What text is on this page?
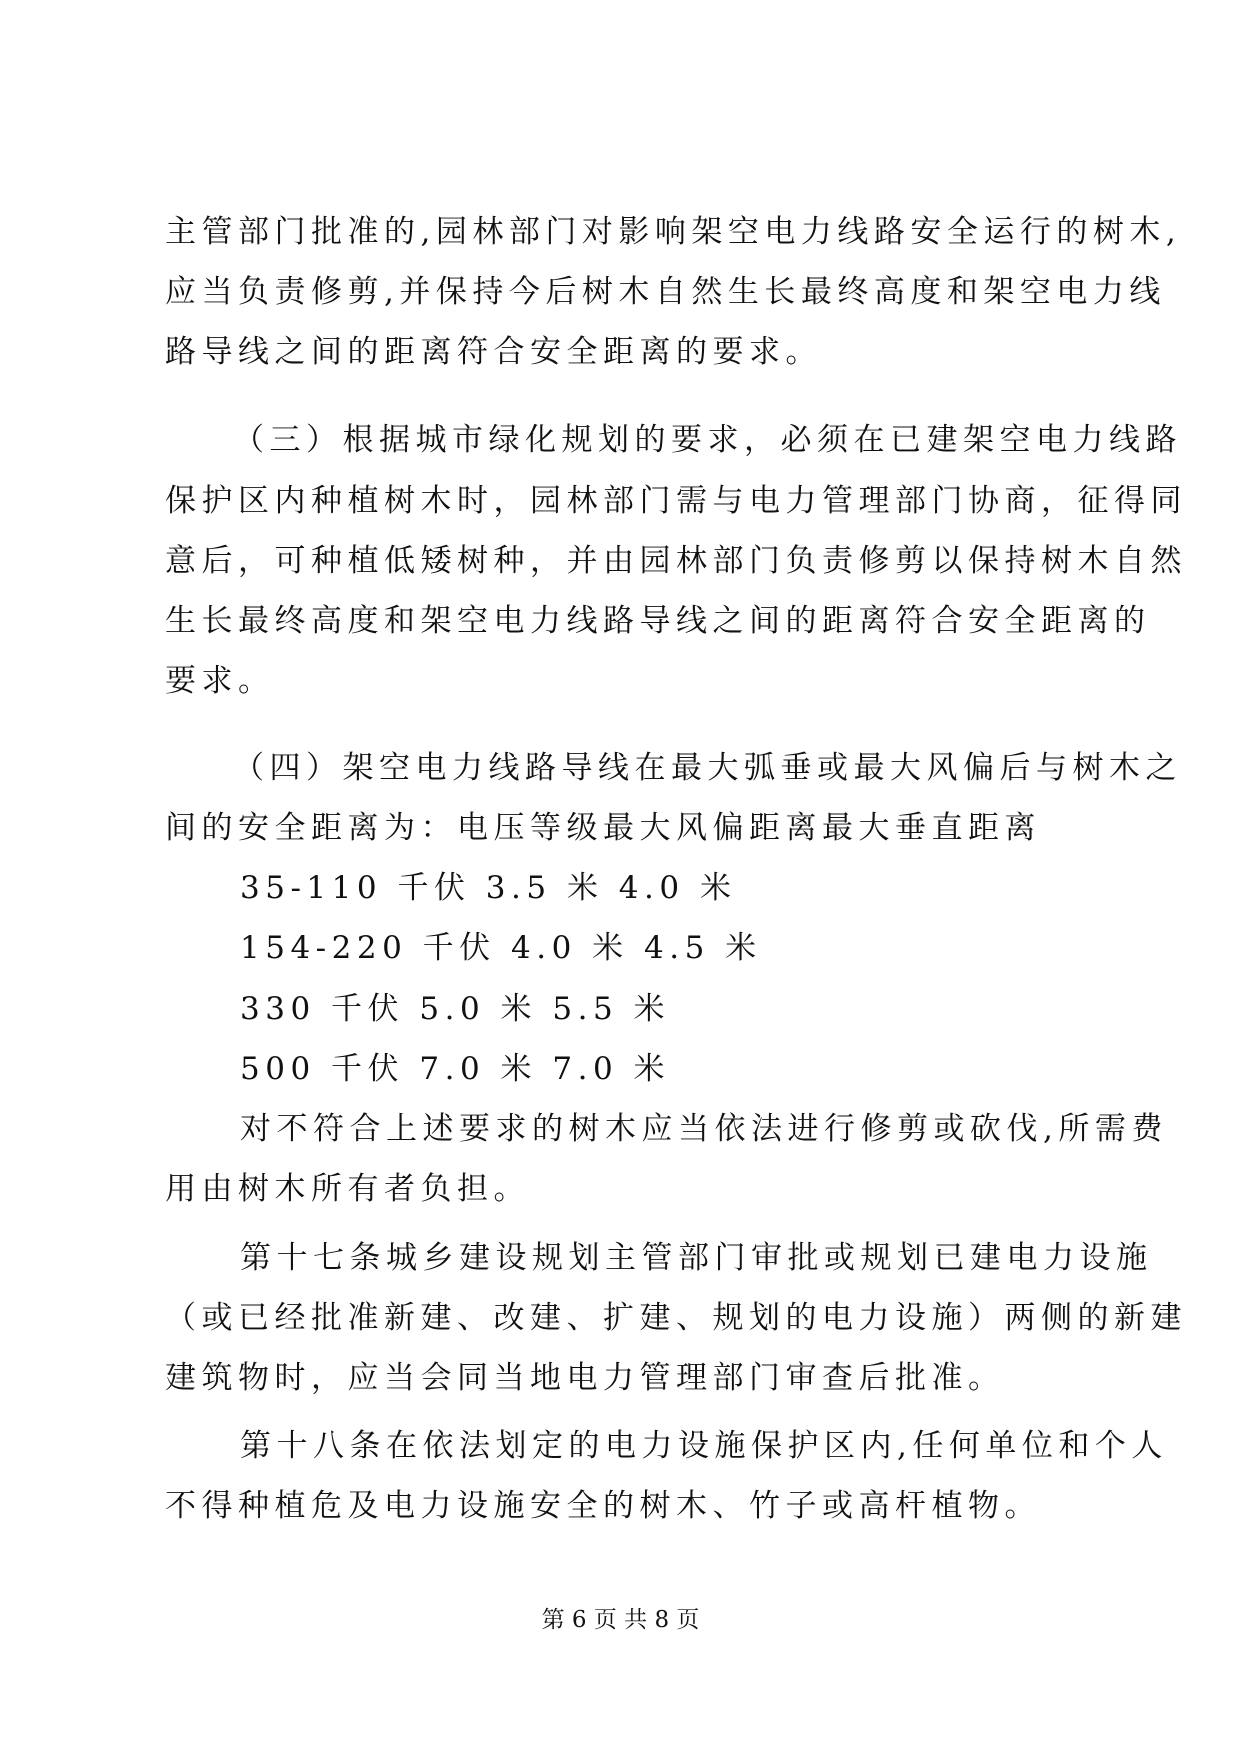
主管部门批准的,园林部门对影响架空电力线路安全运行的树木,
应当负责修剪,并保持今后树木自然生长最终高度和架空电力线
路导线之间的距离符合安全距离的要求。
（三）根据城市绿化规划的要求，必须在已建架空电力线路
保护区内种植树木时，园林部门需与电力管理部门协商，征得同
意后，可种植低矮树种，并由园林部门负责修剪以保持树木自然
生长最终高度和架空电力线路导线之间的距离符合安全距离的
要求。
（四）架空电力线路导线在最大弧垂或最大风偏后与树木之
间的安全距离为：电压等级最大风偏距离最大垂直距离
35-110 千伏 3.5 米 4.0 米
154-220 千伏 4.0 米 4.5 米
330 千伏 5.0 米 5.5 米
500 千伏 7.0 米 7.0 米
对不符合上述要求的树木应当依法进行修剪或砍伐,所需费
用由树木所有者负担。
第十七条城乡建设规划主管部门审批或规划已建电力设施
（或已经批准新建、改建、扩建、规划的电力设施）两侧的新建
建筑物时，应当会同当地电力管理部门审查后批准。
第十八条在依法划定的电力设施保护区内,任何单位和个人
不得种植危及电力设施安全的树木、竹子或高杆植物。
第 6 页 共 8 页
